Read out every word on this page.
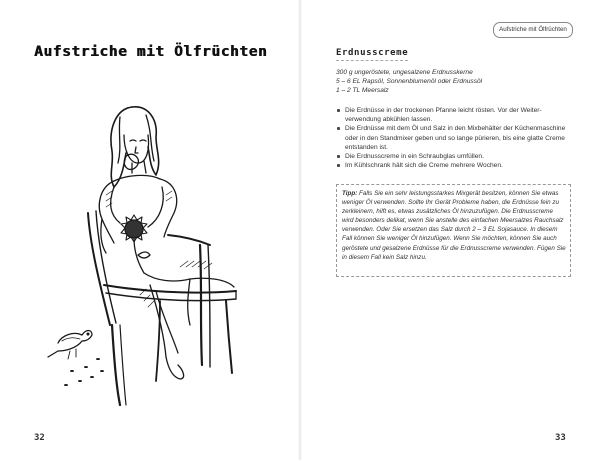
Aufstriche mit Ölfrüchten
32
Aufstriche mit Ölfrüchten
Erdnusscreme
300 g ungeröstete, ungesalzene Erdnusskerne
5 – 6 EL Rapsöl, Sonnenblumenöl oder Erdnussöl
1 – 2 TL Meersalz
Die Erdnüsse in der trockenen Pfanne leicht rösten. Vor der Weiterverwendung abkühlen lassen.
Die Erdnüsse mit dem Öl und Salz in den Mixbehälter der Küchenmaschine oder in den Standmixer geben und so lange pürieren, bis eine glatte Creme entstanden ist.
Die Erdnusscreme in ein Schraubglas umfüllen.
Im Kühlschrank hält sich die Creme mehrere Wochen.
Tipp: Falls Sie ein sehr leistungsstarkes Mixgerät besitzen, können Sie etwas weniger Öl verwenden. Sollte Ihr Gerät Probleme haben, die Erdnüsse fein zu zerkleinern, hilft es, etwas zusätzliches Öl hinzuzufügen. Die Erdnusscreme wird besonders delikat, wenn Sie anstelle des einfachen Meersalzes Rauchsalz verwenden. Oder Sie ersetzen das Salz durch 2 – 3 EL Sojasauce. In diesem Fall können Sie weniger Öl hinzufügen. Wenn Sie möchten, können Sie auch geröstete und gesalzene Erdnüsse für die Erdnusscreme verwenden. Fügen Sie in diesem Fall kein Salz hinzu.
33
